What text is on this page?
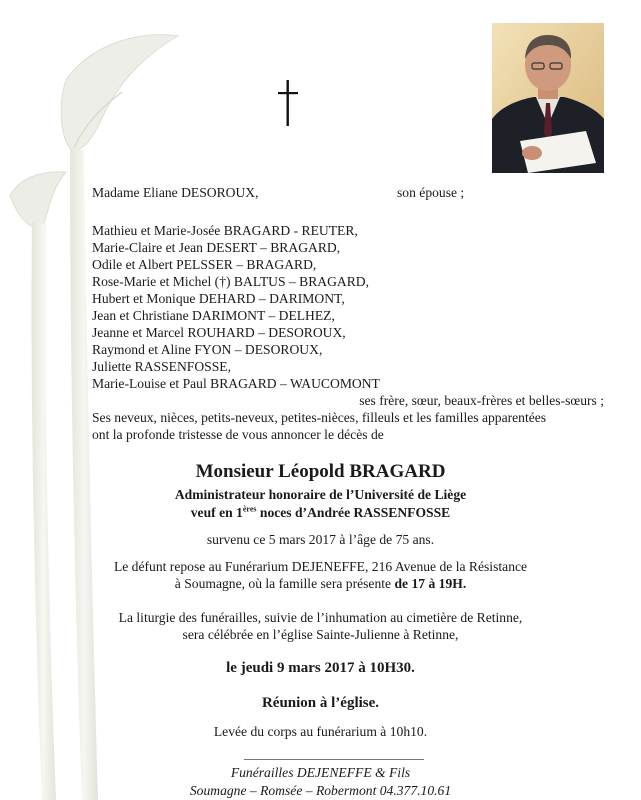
Madame Eliane DESOROUX,	son épouse ;
Mathieu et Marie-Josée BRAGARD - REUTER,
Marie-Claire et Jean DESERT – BRAGARD,
Odile et Albert PELSSER – BRAGARD,
Rose-Marie et Michel (†) BALTUS – BRAGARD,
Hubert et Monique DEHARD – DARIMONT,
Jean et Christiane DARIMONT – DELHEZ,
Jeanne et Marcel ROUHARD – DESOROUX,
Raymond et Aline FYON – DESOROUX,
Juliette RASSENFOSSE,
Marie-Louise et Paul BRAGARD – WAUCOMONT
ses frère, sœur, beaux-frères et belles-sœurs ;
Ses neveux, nièces, petits-neveux, petites-nièces, filleuls et les familles apparentées
ont la profonde tristesse de vous annoncer le décès de
Monsieur Léopold BRAGARD
Administrateur honoraire de l’Université de Liège
veuf en 1ères noces d’Andrée RASSENFOSSE
survenu ce 5 mars 2017 à l’âge de 75 ans.
Le défunt repose au Funérarium DEJENEFFE, 216 Avenue de la Résistance
à Soumagne, où la famille sera présente de 17 à 19H.
La liturgie des funérailles, suivie de l’inhumation au cimetière de Retinne,
sera célébrée en l’église Sainte-Julienne à Retinne,
le jeudi 9 mars 2017 à 10H30.
Réunion à l’église.
Levée du corps au funérarium à 10h10.
Funérailles DEJENEFFE & Fils
Soumagne – Romsée – Robermont 04.377.10.61
